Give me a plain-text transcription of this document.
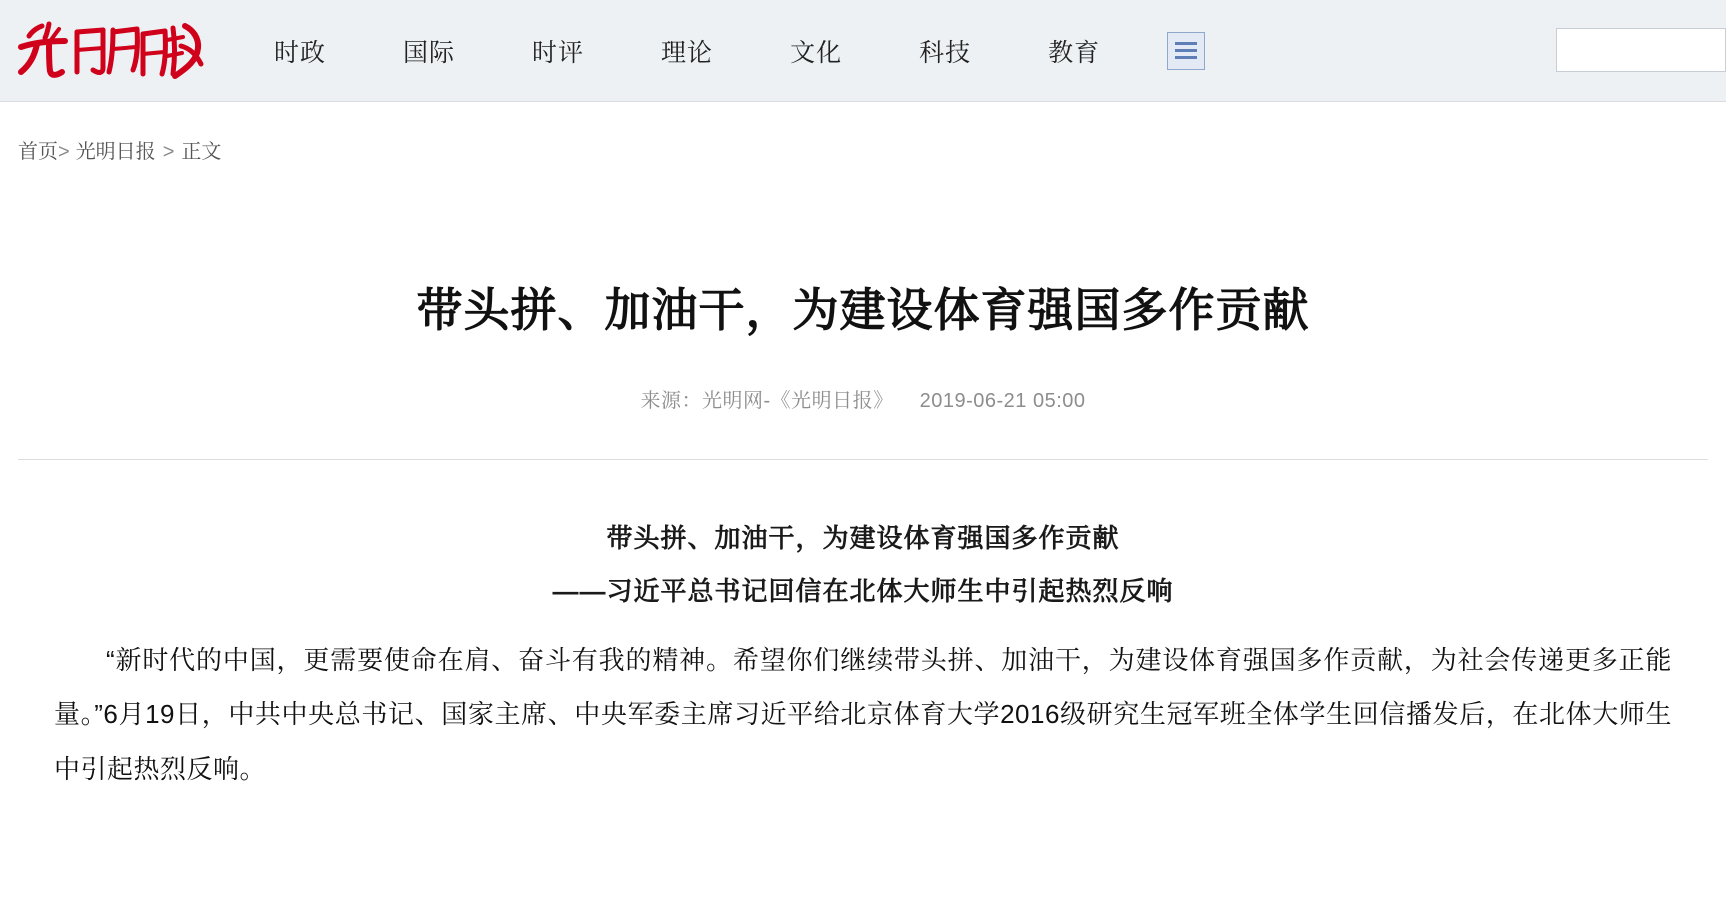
时政	国际	时评	理论	文化	科技	教育
首页 > 光明日报 > 正文
带头拼、加油干，为建设体育强国多作贡献
来源：光明网-《光明日报》 2019-06-21 05:00
带头拼、加油干，为建设体育强国多作贡献
——习近平总书记回信在北体大师生中引起热烈反响
“新时代的中国，更需要使命在肩、奋斗有我的精神。希望你们继续带头拼、加油干，为建设体育强国多作贡献，为社会传递更多正能量。”6月19日，中共中央总书记、国家主席、中央军委主席习近平给北京体育大学2016级研究生冠军班全体学生回信播发后，在北体大师生中引起热烈反响。
